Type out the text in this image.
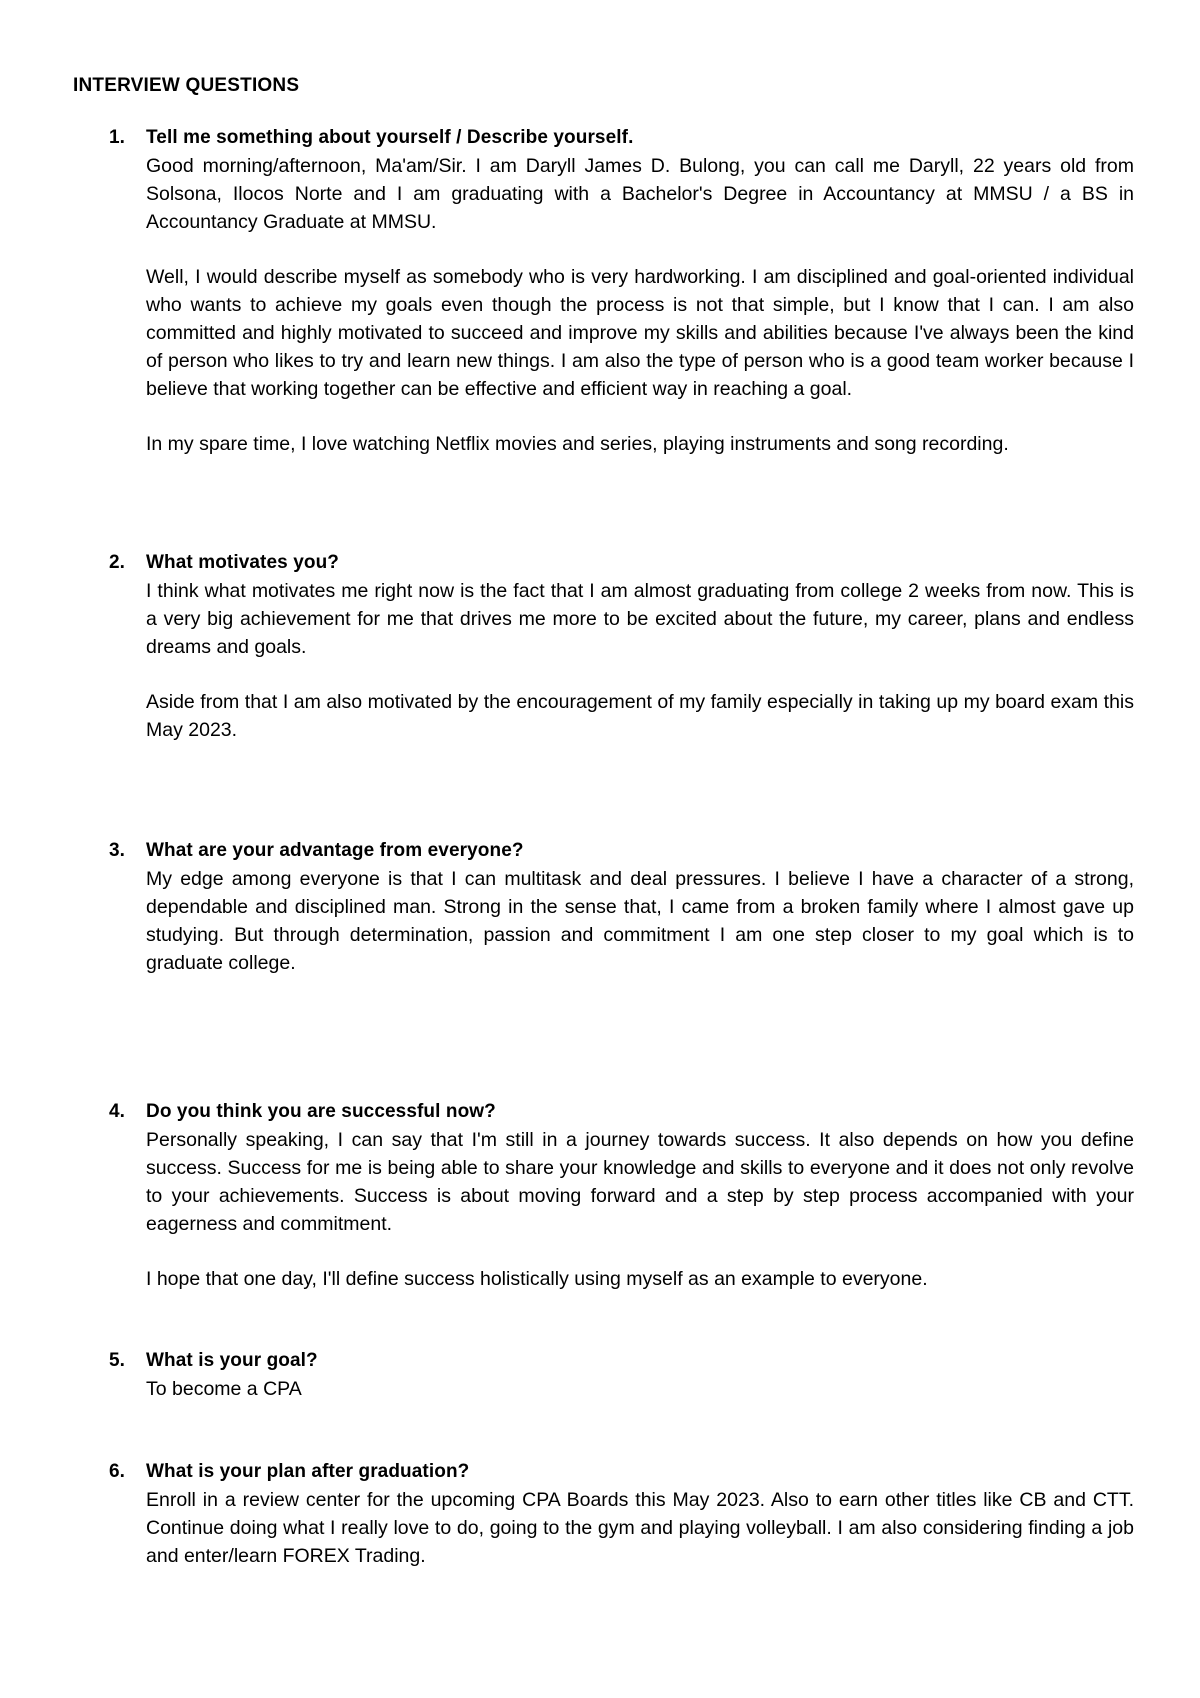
INTERVIEW QUESTIONS
1. Tell me something about yourself / Describe yourself.

Good morning/afternoon, Ma'am/Sir. I am Daryll James D. Bulong, you can call me Daryll, 22 years old from Solsona, Ilocos Norte and I am graduating with a Bachelor's Degree in Accountancy at MMSU / a BS in Accountancy Graduate at MMSU.

Well, I would describe myself as somebody who is very hardworking. I am disciplined and goal-oriented individual who wants to achieve my goals even though the process is not that simple, but I know that I can. I am also committed and highly motivated to succeed and improve my skills and abilities because I've always been the kind of person who likes to try and learn new things. I am also the type of person who is a good team worker because I believe that working together can be effective and efficient way in reaching a goal.

In my spare time, I love watching Netflix movies and series, playing instruments and song recording.

2. What motivates you?

I think what motivates me right now is the fact that I am almost graduating from college 2 weeks from now. This is a very big achievement for me that drives me more to be excited about the future, my career, plans and endless dreams and goals.

Aside from that I am also motivated by the encouragement of my family especially in taking up my board exam this May 2023.

3. What are your advantage from everyone?

My edge among everyone is that I can multitask and deal pressures. I believe I have a character of a strong, dependable and disciplined man. Strong in the sense that, I came from a broken family where I almost gave up studying. But through determination, passion and commitment I am one step closer to my goal which is to graduate college.

4. Do you think you are successful now?

Personally speaking, I can say that I'm still in a journey towards success. It also depends on how you define success. Success for me is being able to share your knowledge and skills to everyone and it does not only revolve to your achievements. Success is about moving forward and a step by step process accompanied with your eagerness and commitment.

I hope that one day, I'll define success holistically using myself as an example to everyone.

5. What is your goal?

To become a CPA

6. What is your plan after graduation?

Enroll in a review center for the upcoming CPA Boards this May 2023. Also to earn other titles like CB and CTT. Continue doing what I really love to do, going to the gym and playing volleyball. I am also considering finding a job and enter/learn FOREX Trading.
